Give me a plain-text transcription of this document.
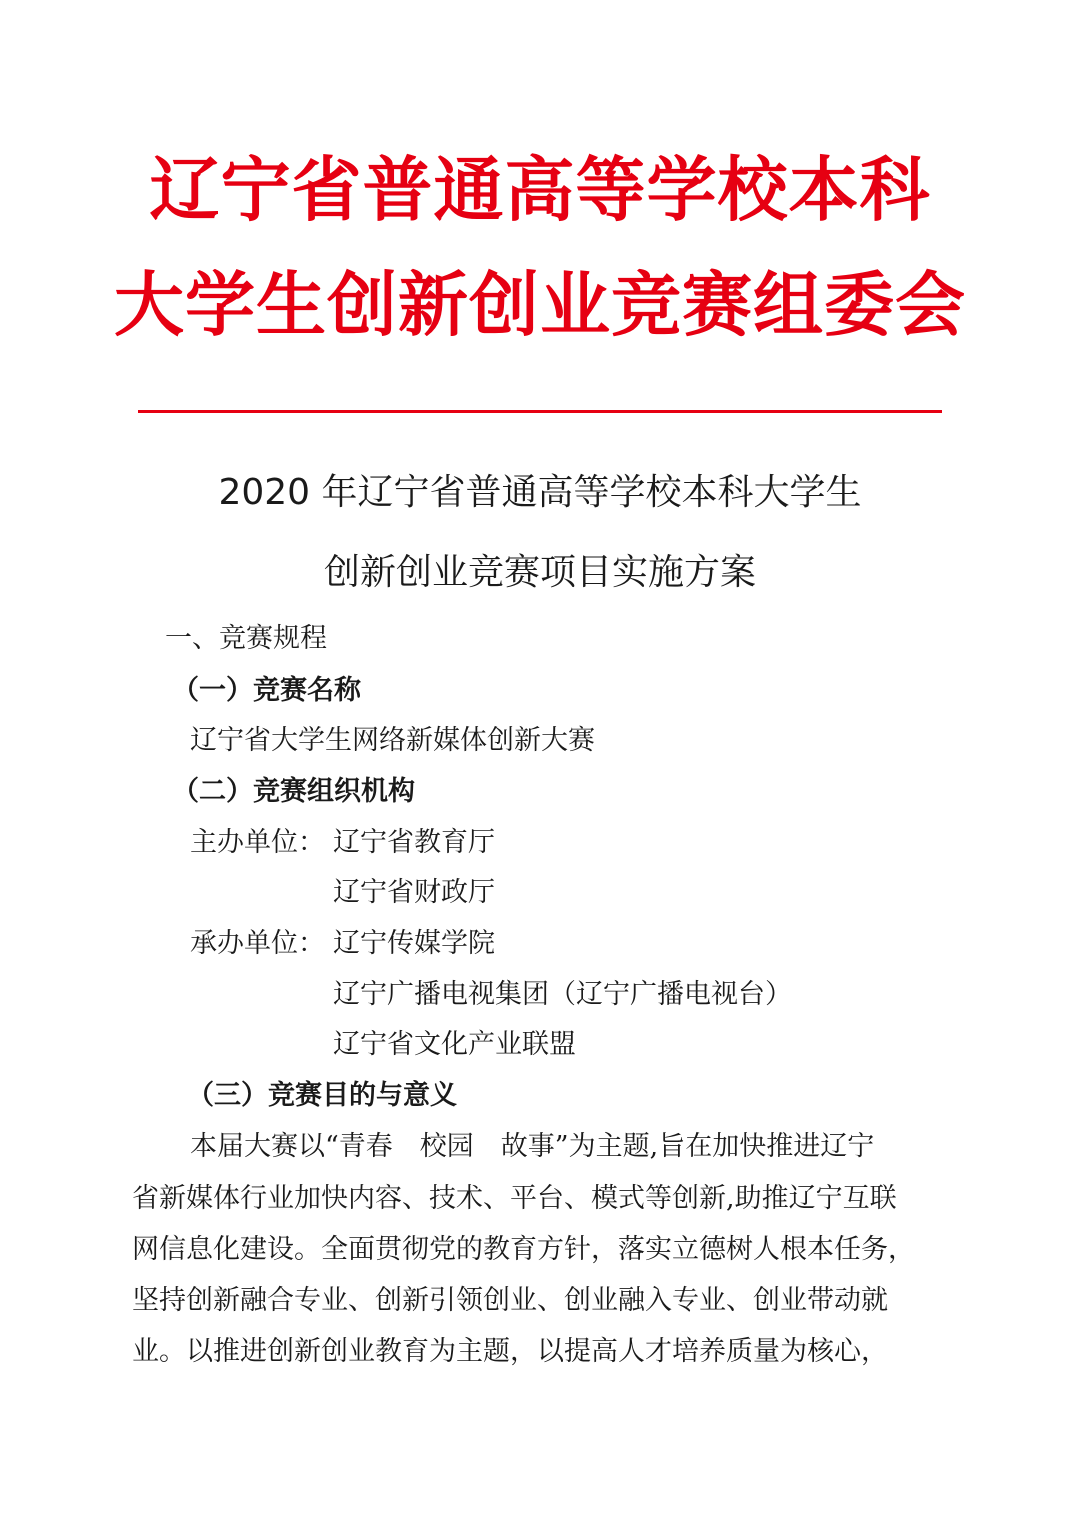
辽宁省普通高等学校本科
大学生创新创业竞赛组委会
2020 年辽宁省普通高等学校本科大学生
创新创业竞赛项目实施方案
一、竞赛规程
（一）竞赛名称
辽宁省大学生网络新媒体创新大赛
（二）竞赛组织机构
主办单位： 辽宁省教育厅
辽宁省财政厅
承办单位： 辽宁传媒学院
辽宁广播电视集团（辽宁广播电视台）
辽宁省文化产业联盟
（三）竞赛目的与意义
本届大赛以“青春　校园　故事”为主题,旨在加快推进辽宁
省新媒体行业加快内容、技术、平台、模式等创新,助推辽宁互联
网信息化建设。全面贯彻党的教育方针，落实立德树人根本任务，
坚持创新融合专业、创新引领创业、创业融入专业、创业带动就
业。以推进创新创业教育为主题，以提高人才培养质量为核心，
